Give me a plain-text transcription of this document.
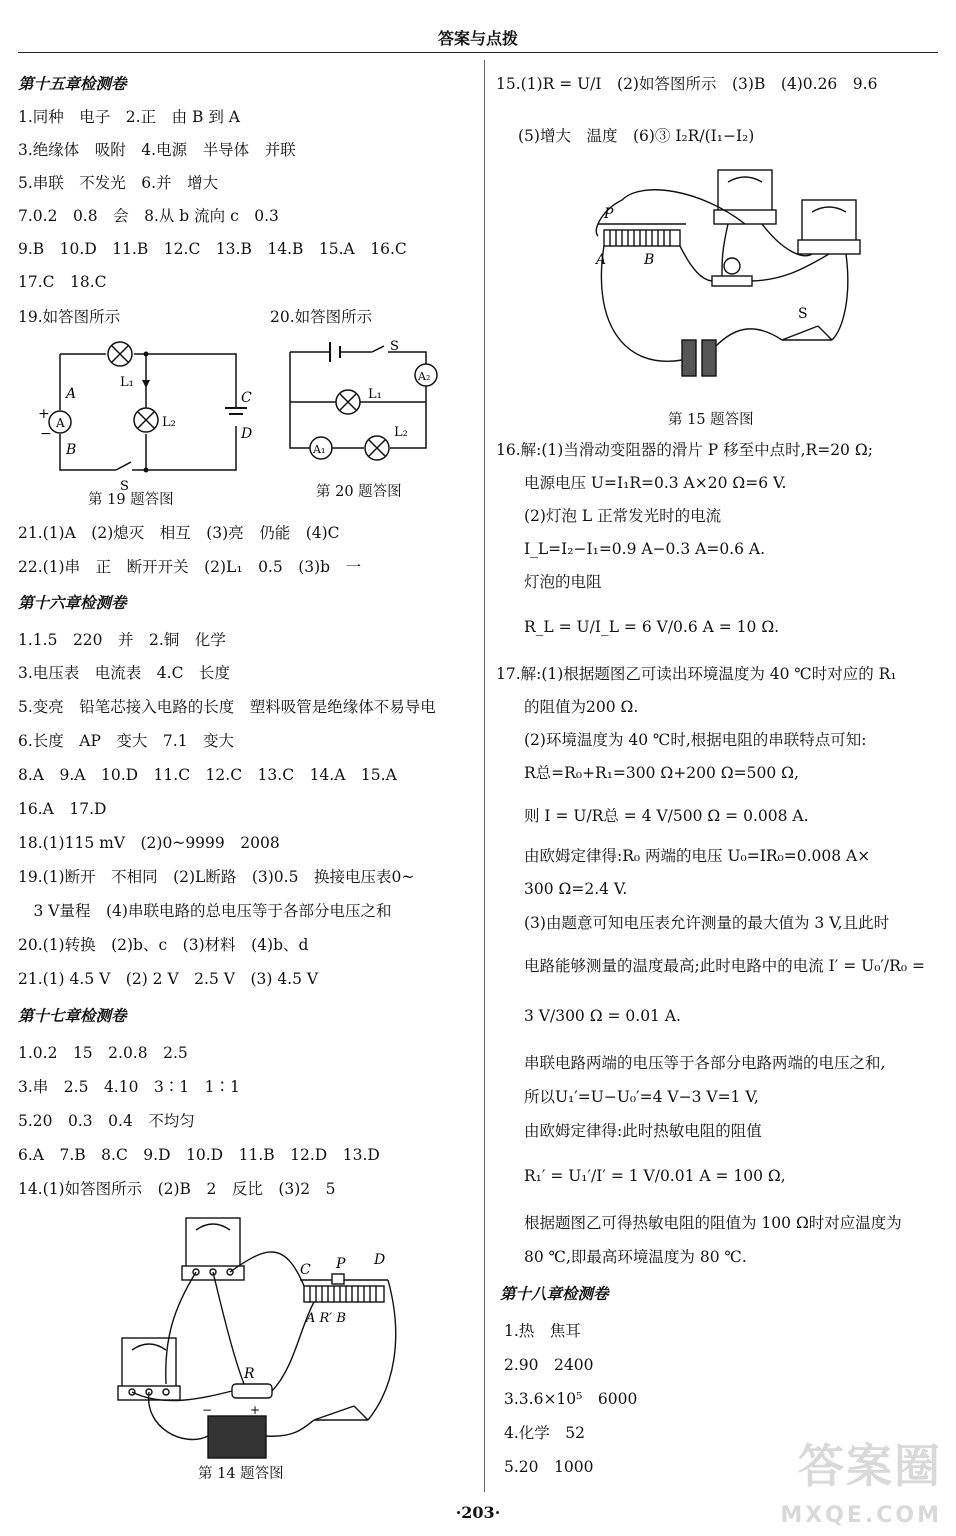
答案与点拨
第十五章检测卷
1.同种　电子　2.正　由 B 到 A
3.绝缘体　吸附　4.电源　半导体　并联
5.串联　不发光　6.并　增大
7.0.2　0.8　会　8.从 b 流向 c　0.3
9.B　10.D　11.B　12.C　13.B　14.B　15.A　16.C
17.C　18.C
19.如答图所示	20.如答图所示
A
L₁
L₂
A
B
C
D
S
+
−
S
A₂
L₁
L₂
A₁
第 19 题答图	第 20 题答图
21.(1)A　(2)熄灭　相互　(3)亮　仍能　(4)C
22.(1)串　正　断开开关　(2)L₁　0.5　(3)b　一
第十六章检测卷
1.1.5　220　并　2.铜　化学
3.电压表　电流表　4.C　长度
5.变亮　铅笔芯接入电路的长度　塑料吸管是绝缘体不易导电
6.长度　AP　变大　7.1　变大
8.A　9.A　10.D　11.C　12.C　13.C　14.A　15.A
16.A　17.D
18.(1)115 mV　(2)0~9999　2008
19.(1)断开　不相同　(2)L断路　(3)0.5　换接电压表0~
　3 V量程　(4)串联电路的总电压等于各部分电压之和
20.(1)转换　(2)b、c　(3)材料　(4)b、d
21.(1) 4.5 V　(2) 2 V　2.5 V　(3) 4.5 V
第十七章检测卷
1.0.2　15　2.0.8　2.5
3.串　2.5　4.10　3∶1　1∶1
5.20　0.3　0.4　不均匀
6.A　7.B　8.C　9.D　10.D　11.B　12.D　13.D
14.(1)如答图所示　(2)B　2　反比　(3)2　5
C P D
A R′ B
R
+
−
第 14 题答图
15.(1)R = U/I　(2)如答图所示　(3)B　(4)0.26　9.6
(5)增大　温度　(6)③ I₂R/(I₁−I₂)
P
A	B
S
第 15 题答图
16.解:(1)当滑动变阻器的滑片 P 移至中点时,R=20 Ω;
电源电压 U=I₁R=0.3 A×20 Ω=6 V.
(2)灯泡 L 正常发光时的电流
I_L=I₂−I₁=0.9 A−0.3 A=0.6 A.
灯泡的电阻
R_L = U/I_L = 6 V/0.6 A = 10 Ω.
17.解:(1)根据题图乙可读出环境温度为 40 ℃时对应的 R₁
的阻值为200 Ω.
(2)环境温度为 40 ℃时,根据电阻的串联特点可知:
R总=R₀+R₁=300 Ω+200 Ω=500 Ω,
则 I = U/R总 = 4 V/500 Ω = 0.008 A.
由欧姆定律得:R₀ 两端的电压 U₀=IR₀=0.008 A×
300 Ω=2.4 V.
(3)由题意可知电压表允许测量的最大值为 3 V,且此时
电路能够测量的温度最高;此时电路中的电流 I′ = U₀′/R₀ =
3 V/300 Ω = 0.01 A.
串联电路两端的电压等于各部分电路两端的电压之和,
所以U₁′=U−U₀′=4 V−3 V=1 V,
由欧姆定律得:此时热敏电阻的阻值
R₁′ = U₁′/I′ = 1 V/0.01 A = 100 Ω,
根据题图乙可得热敏电阻的阻值为 100 Ω时对应温度为
80 ℃,即最高环境温度为 80 ℃.
第十八章检测卷
1.热　焦耳
2.90　2400
3.3.6×10⁵　6000
4.化学　52
5.20　1000
·203·
答案圈
MXQE.COM
